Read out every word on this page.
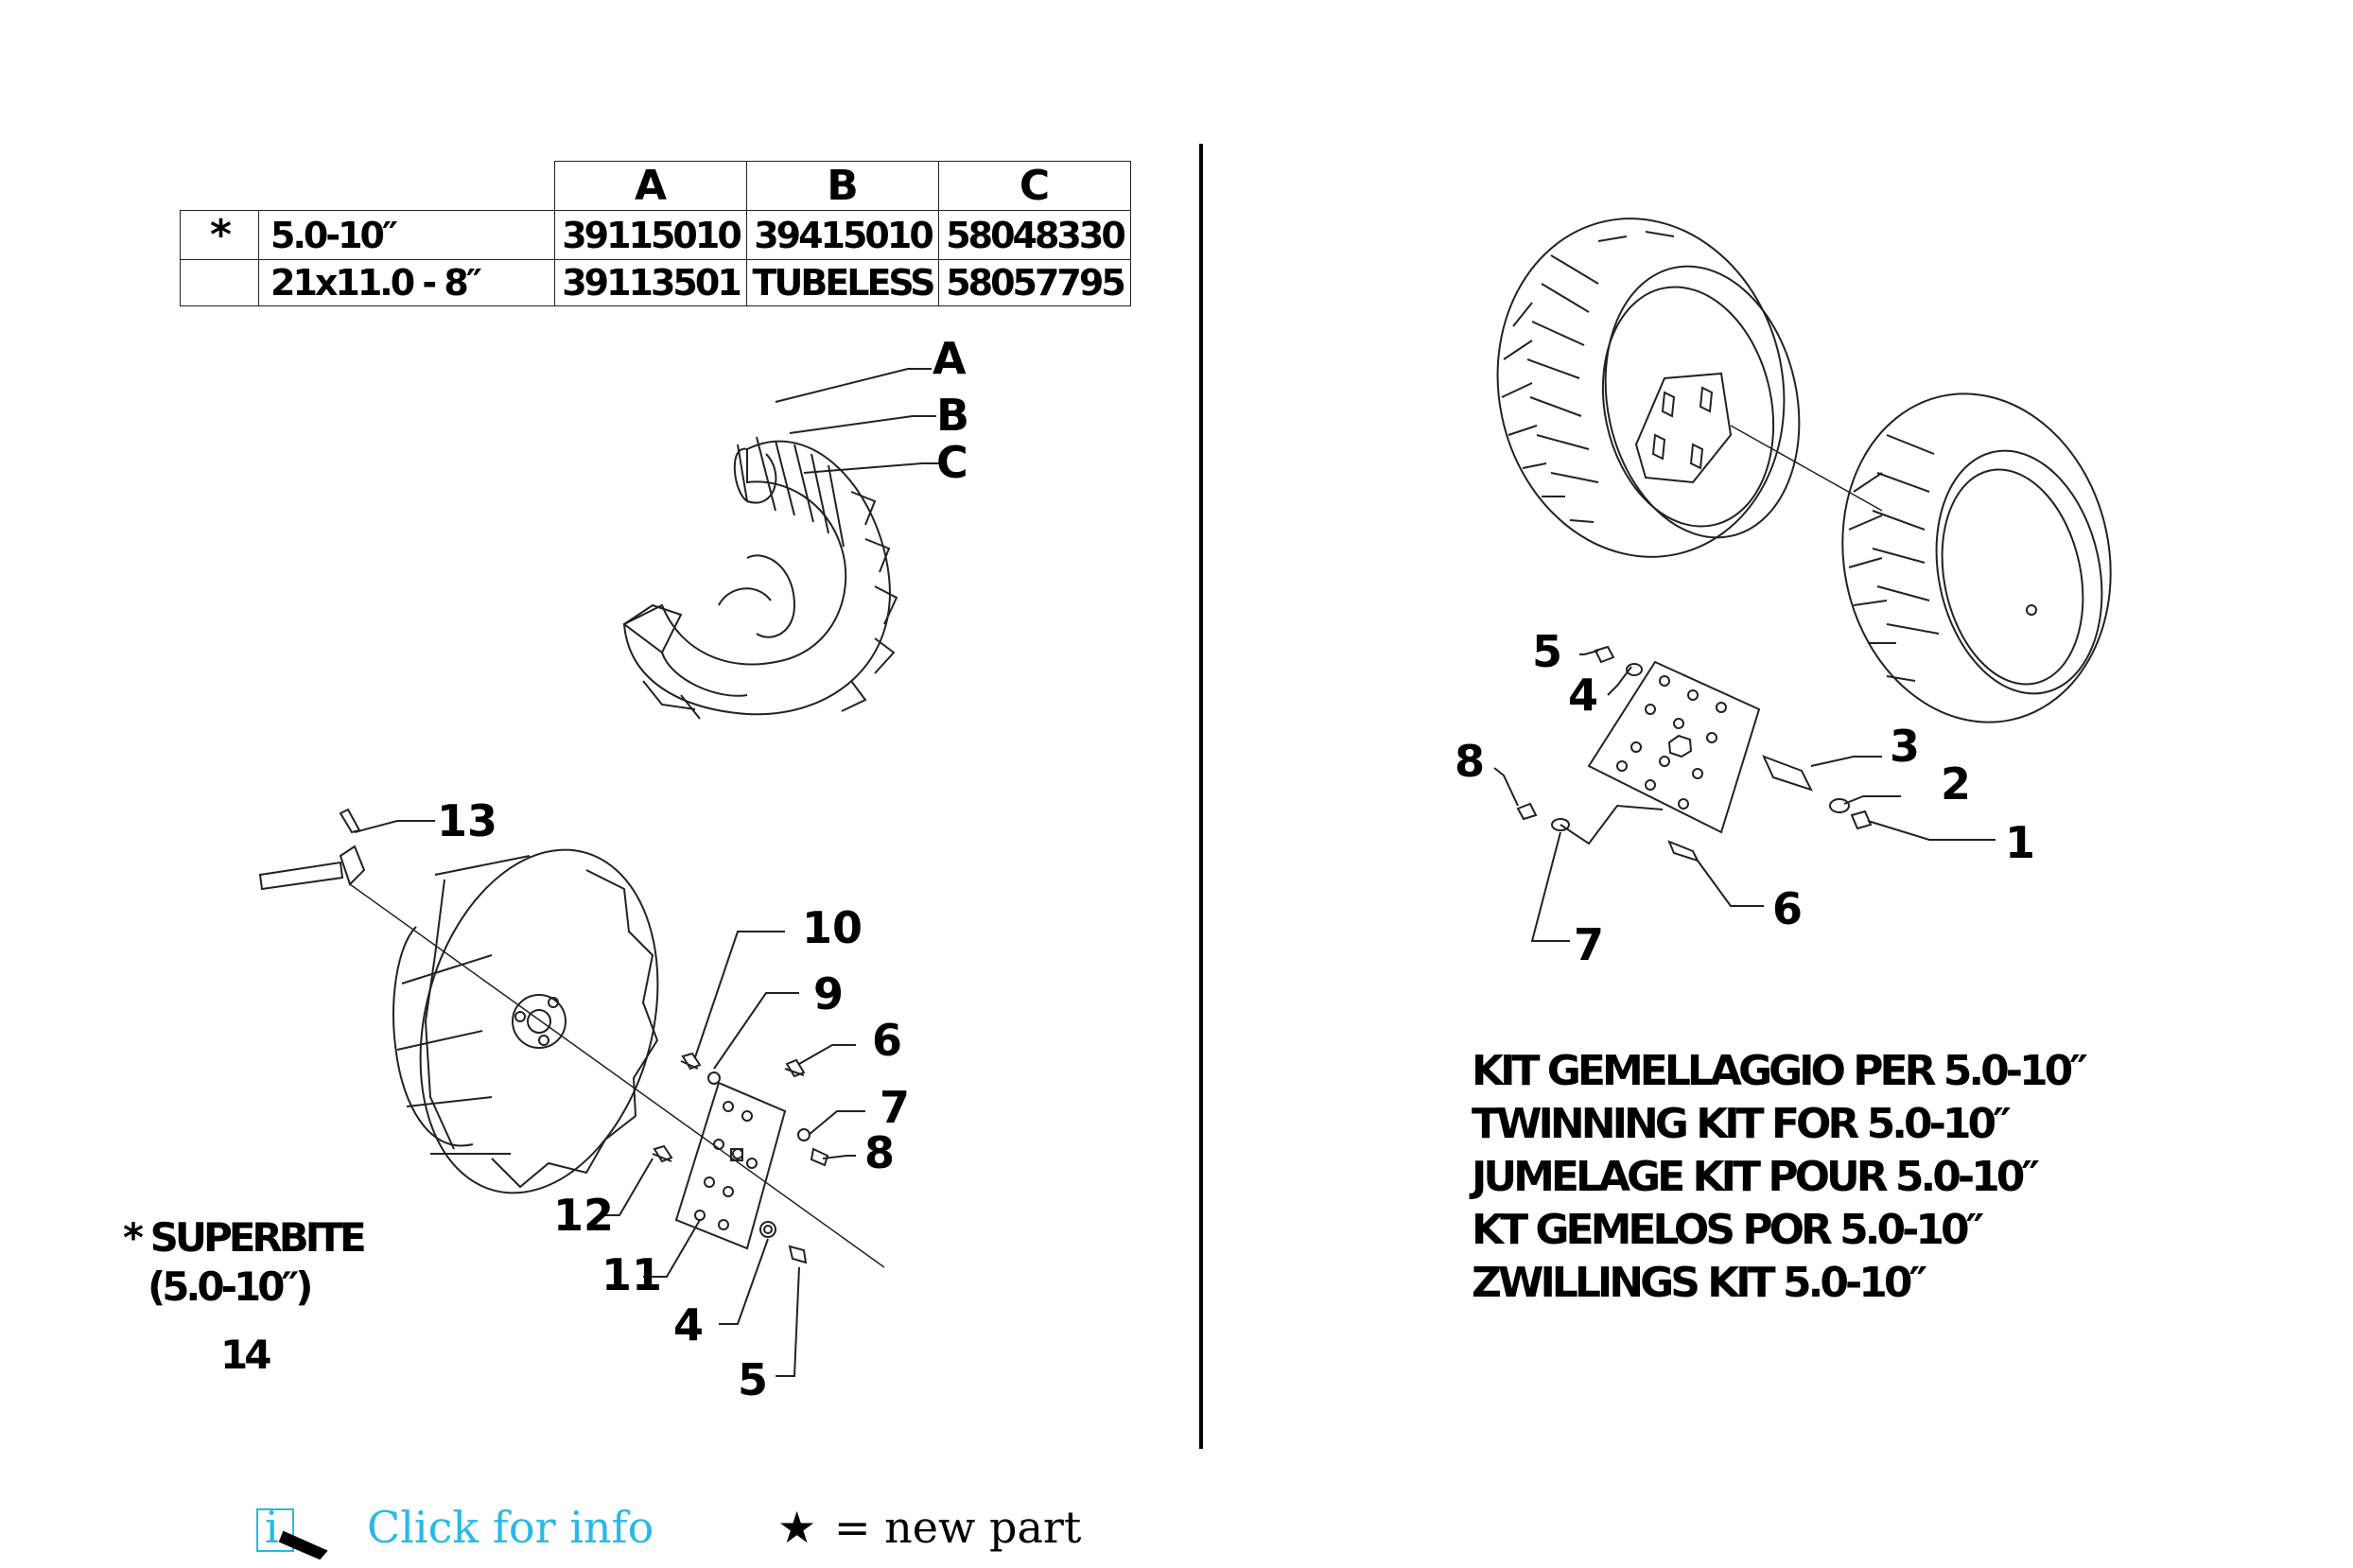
		A	B	C
*	5.0-10″	39115010	39415010	58048330
	21x11.0 - 8″	39113501	TUBELESS	58057795
A
B
C
13
10
9
6
7
8
12
11
4
5
* SUPERBITE
(5.0-10″)
14
5
4
3
2
8
1
6
7
KIT GEMELLAGGIO PER 5.0-10″
TWINNING KIT FOR 5.0-10″
JUMELAGE KIT POUR 5.0-10″
KT GEMELOS POR 5.0-10″
ZWILLINGS KIT 5.0-10″
i Click for info	★ = new part
